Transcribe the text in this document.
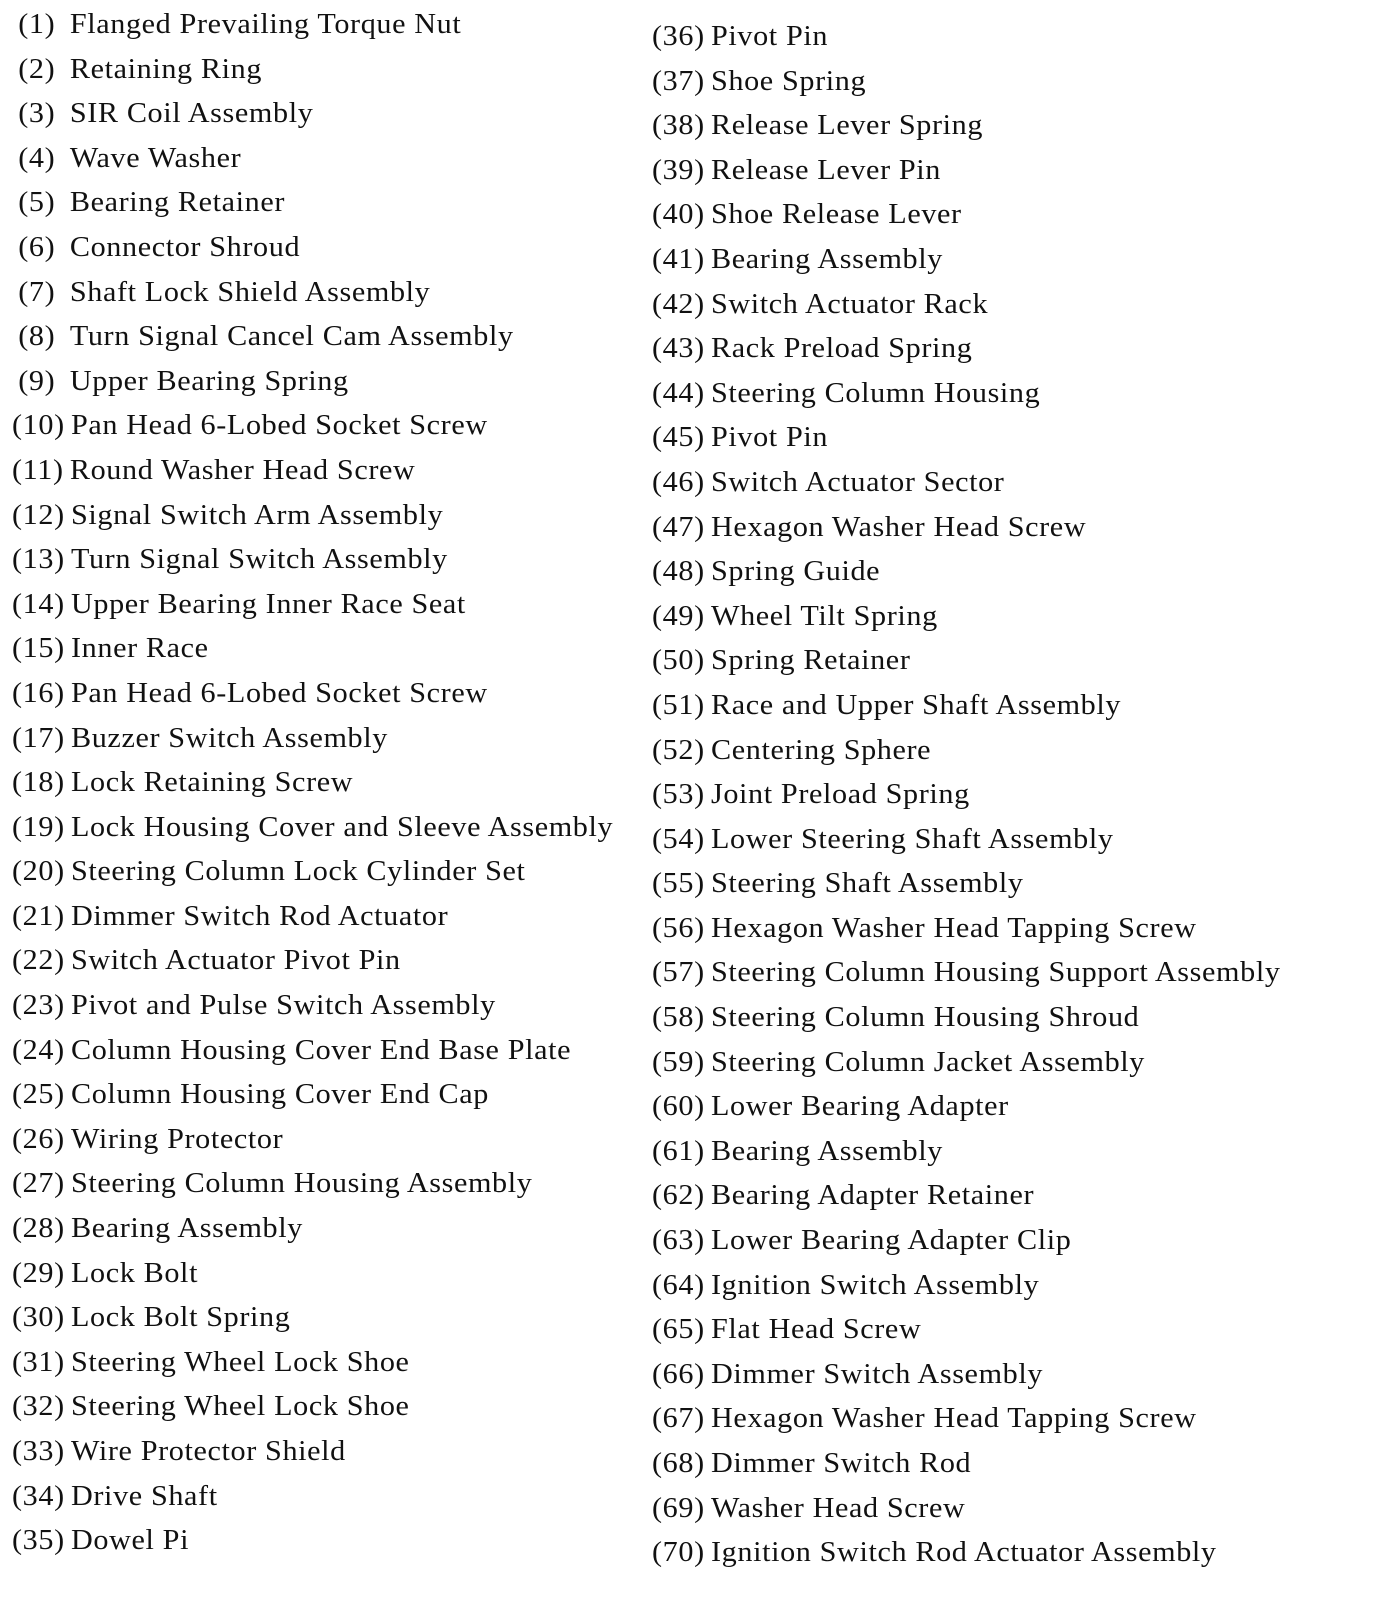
(1) Flanged Prevailing Torque Nut
(2) Retaining Ring
(3) SIR Coil Assembly
(4) Wave Washer
(5) Bearing Retainer
(6) Connector Shroud
(7) Shaft Lock Shield Assembly
(8) Turn Signal Cancel Cam Assembly
(9) Upper Bearing Spring
(10) Pan Head 6-Lobed Socket Screw
(11) Round Washer Head Screw
(12) Signal Switch Arm Assembly
(13) Turn Signal Switch Assembly
(14) Upper Bearing Inner Race Seat
(15) Inner Race
(16) Pan Head 6-Lobed Socket Screw
(17) Buzzer Switch Assembly
(18) Lock Retaining Screw
(19) Lock Housing Cover and Sleeve Assembly
(20) Steering Column Lock Cylinder Set
(21) Dimmer Switch Rod Actuator
(22) Switch Actuator Pivot Pin
(23) Pivot and Pulse Switch Assembly
(24) Column Housing Cover End Base Plate
(25) Column Housing Cover End Cap
(26) Wiring Protector
(27) Steering Column Housing Assembly
(28) Bearing Assembly
(29) Lock Bolt
(30) Lock Bolt Spring
(31) Steering Wheel Lock Shoe
(32) Steering Wheel Lock Shoe
(33) Wire Protector Shield
(34) Drive Shaft
(35) Dowel Pi
(36) Pivot Pin
(37) Shoe Spring
(38) Release Lever Spring
(39) Release Lever Pin
(40) Shoe Release Lever
(41) Bearing Assembly
(42) Switch Actuator Rack
(43) Rack Preload Spring
(44) Steering Column Housing
(45) Pivot Pin
(46) Switch Actuator Sector
(47) Hexagon Washer Head Screw
(48) Spring Guide
(49) Wheel Tilt Spring
(50) Spring Retainer
(51) Race and Upper Shaft Assembly
(52) Centering Sphere
(53) Joint Preload Spring
(54) Lower Steering Shaft Assembly
(55) Steering Shaft Assembly
(56) Hexagon Washer Head Tapping Screw
(57) Steering Column Housing Support Assembly
(58) Steering Column Housing Shroud
(59) Steering Column Jacket Assembly
(60) Lower Bearing Adapter
(61) Bearing Assembly
(62) Bearing Adapter Retainer
(63) Lower Bearing Adapter Clip
(64) Ignition Switch Assembly
(65) Flat Head Screw
(66) Dimmer Switch Assembly
(67) Hexagon Washer Head Tapping Screw
(68) Dimmer Switch Rod
(69) Washer Head Screw
(70) Ignition Switch Rod Actuator Assembly
